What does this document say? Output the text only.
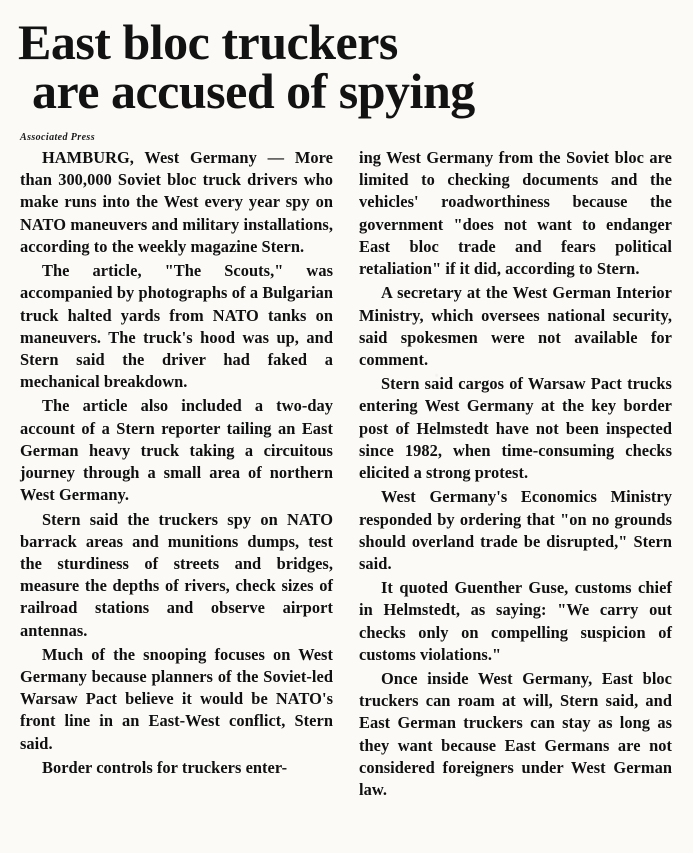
East bloc truckers
are accused of spying
Associated Press

HAMBURG, West Germany — More than 300,000 Soviet bloc truck drivers who make runs into the West every year spy on NATO maneuvers and military installations, according to the weekly magazine Stern.

The article, "The Scouts," was accompanied by photographs of a Bulgarian truck halted yards from NATO tanks on maneuvers. The truck's hood was up, and Stern said the driver had faked a mechanical breakdown.

The article also included a two-day account of a Stern reporter tailing an East German heavy truck taking a circuitous journey through a small area of northern West Germany.

Stern said the truckers spy on NATO barrack areas and munitions dumps, test the sturdiness of streets and bridges, measure the depths of rivers, check sizes of railroad stations and observe airport antennas.

Much of the snooping focuses on West Germany because planners of the Soviet-led Warsaw Pact believe it would be NATO's front line in an East-West conflict, Stern said.

Border controls for truckers enter-

ing West Germany from the Soviet bloc are limited to checking documents and the vehicles' roadworthiness because the government "does not want to endanger East bloc trade and fears political retaliation" if it did, according to Stern.

A secretary at the West German Interior Ministry, which oversees national security, said spokesmen were not available for comment.

Stern said cargos of Warsaw Pact trucks entering West Germany at the key border post of Helmstedt have not been inspected since 1982, when time-consuming checks elicited a strong protest.

West Germany's Economics Ministry responded by ordering that "on no grounds should overland trade be disrupted," Stern said.

It quoted Guenther Guse, customs chief in Helmstedt, as saying: "We carry out checks only on compelling suspicion of customs violations."

Once inside West Germany, East bloc truckers can roam at will, Stern said, and East German truckers can stay as long as they want because East Germans are not considered foreigners under West German law.
